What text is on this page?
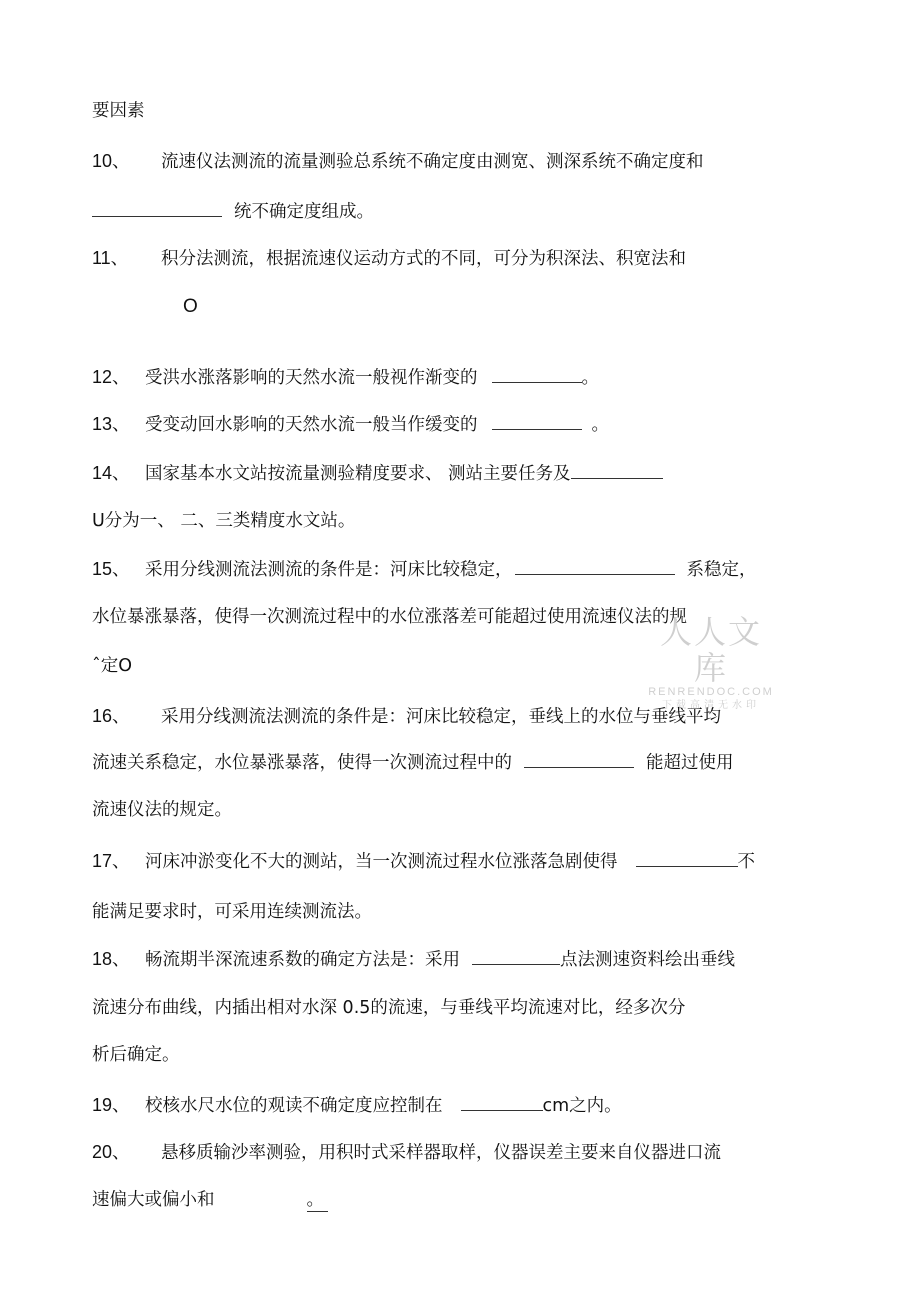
要因素
10、 流速仪法测流的流量测验总系统不确定度由测宽、测深系统不确定度和
统不确定度组成。
11、 积分法测流，根据流速仪运动方式的不同，可分为积深法、积宽法和
O
12、 受洪水涨落影响的天然水流一般视作渐变的	。
13、 受变动回水影响的天然水流一般当作缓变的	。
14、 国家基本水文站按流量测验精度要求、 测站主要任务及
U分为一、 二、三类精度水文站。
15、 采用分线测流法测流的条件是：河床比较稳定，	系稳定，
水位暴涨暴落，使得一次测流过程中的水位涨落差可能超过使用流速仪法的规
ˆ定O
人人文库
RENRENDOC.COM
下载高清无水印
16、 采用分线测流法测流的条件是：河床比较稳定，垂线上的水位与垂线平均
流速关系稳定，水位暴涨暴落，使得一次测流过程中的	能超过使用
流速仪法的规定。
17、 河床冲淤变化不大的测站，当一次测流过程水位涨落急剧使得	不
能满足要求时，可采用连续测流法。
18、 畅流期半深流速系数的确定方法是：采用	点法测速资料绘出垂线
流速分布曲线，内插出相对水深 0.5的流速，与垂线平均流速对比，经多次分
析后确定。
19、 校核水尺水位的观读不确定度应控制在	cm之内。
20、 悬移质输沙率测验，用积时式采样器取样，仪器误差主要来自仪器进口流
速偏大或偏小和	。
